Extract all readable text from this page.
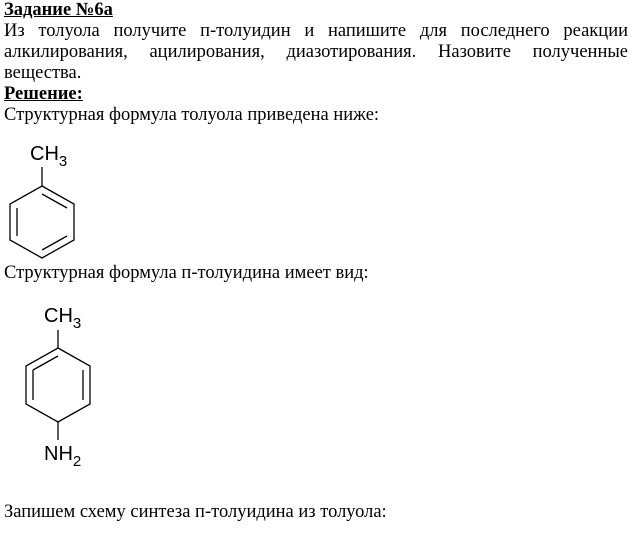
Задание №6а

Из толуола получите п-толуидин и напишите для последнего реакции алкилирования, ацилирования, диазотирования. Назовите полученные вещества.

Решение:

Структурная формула толуола приведена ниже:

$CH_3$

Структурная формула п-толуидина имеет вид:

$CH_3$
$NH_2$

Запишем схему синтеза п-толуидина из толуола:
